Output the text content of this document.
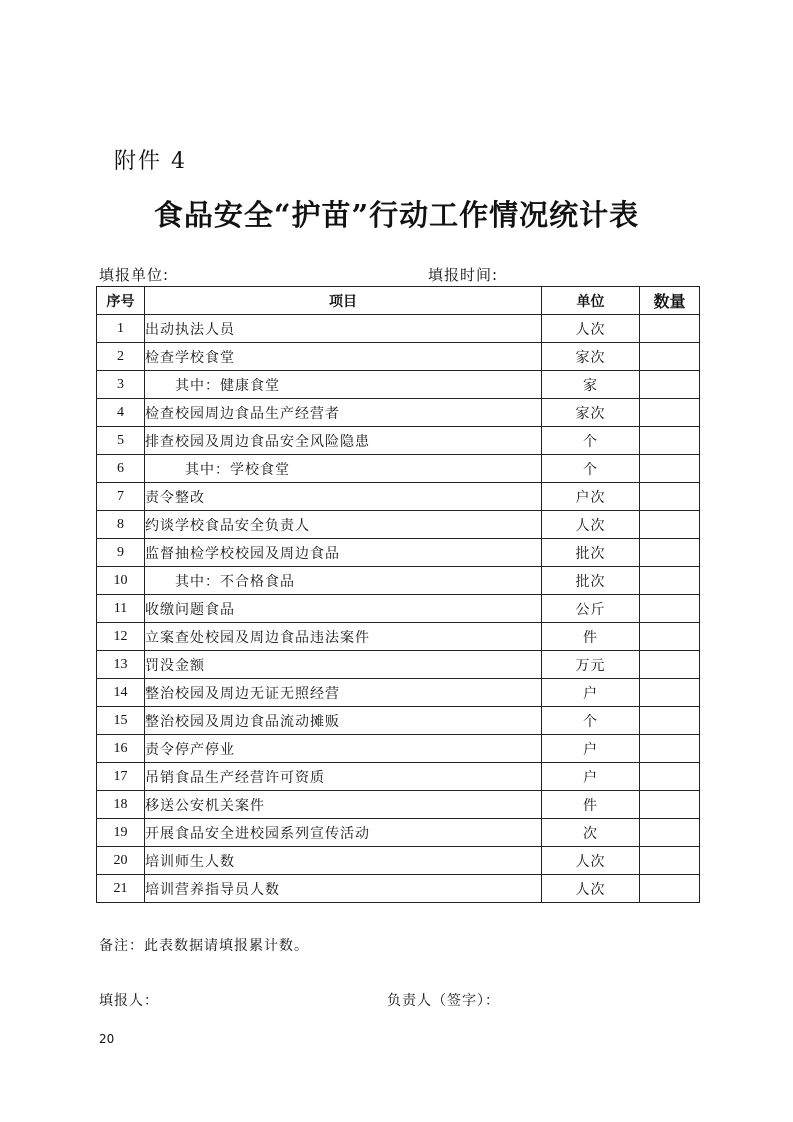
附件 4
食品安全“护苗”行动工作情况统计表
填报单位:	填报时间:
序号	项目	单位	数量
1	出动执法人员	人次	
2	检查学校食堂	家次	
3	其中：健康食堂	家	
4	检查校园周边食品生产经营者	家次	
5	排查校园及周边食品安全风险隐患	个	
6	其中：学校食堂	个	
7	责令整改	户次	
8	约谈学校食品安全负责人	人次	
9	监督抽检学校校园及周边食品	批次	
10	其中：不合格食品	批次	
11	收缴问题食品	公斤	
12	立案查处校园及周边食品违法案件	件	
13	罚没金额	万元	
14	整治校园及周边无证无照经营	户	
15	整治校园及周边食品流动摊贩	个	
16	责令停产停业	户	
17	吊销食品生产经营许可资质	户	
18	移送公安机关案件	件	
19	开展食品安全进校园系列宣传活动	次	
20	培训师生人数	人次	
21	培训营养指导员人数	人次	
备注：此表数据请填报累计数。
填报人：	负责人（签字）：
20
